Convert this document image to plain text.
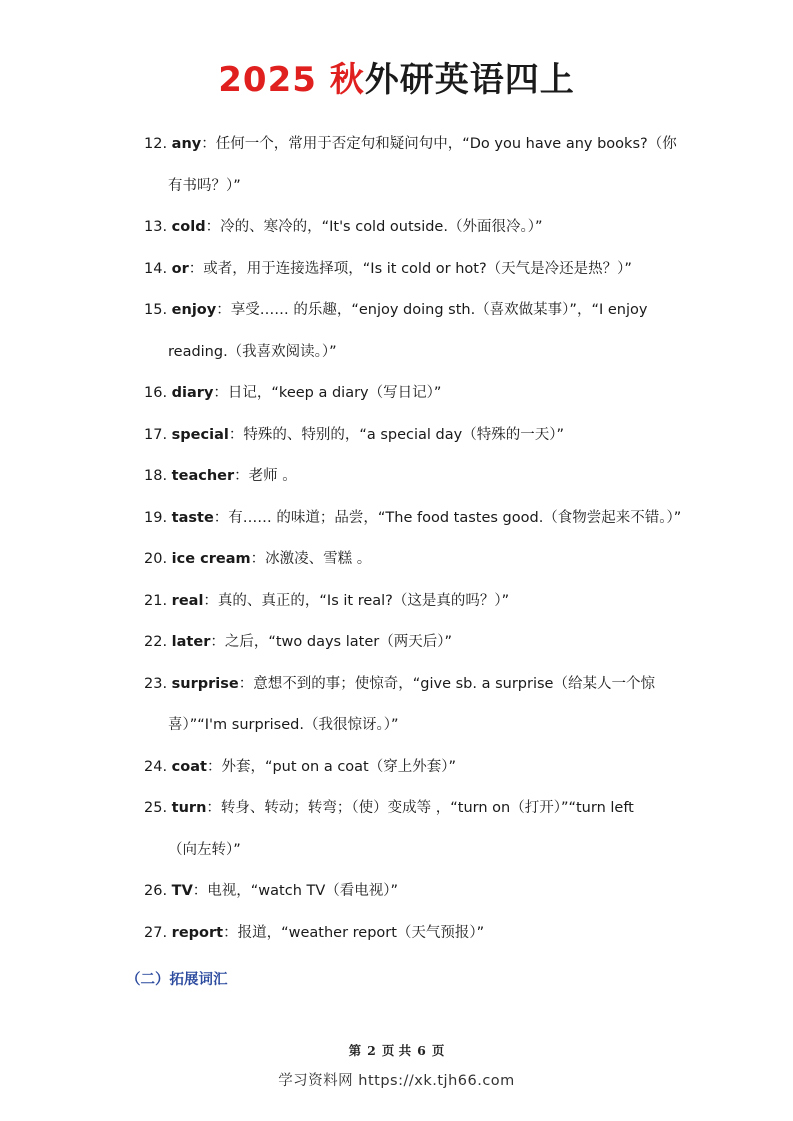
2025 秋外研英语四上
12. any：任何一个，常用于否定句和疑问句中，“Do you have any books?（你
有书吗？）”
13. cold：冷的、寒冷的，“It's cold outside.（外面很冷。）”
14. or：或者，用于连接选择项，“Is it cold or hot?（天气是冷还是热？）”
15. enjoy：享受…… 的乐趣，“enjoy doing sth.（喜欢做某事）”，“I enjoy
reading.（我喜欢阅读。）”
16. diary：日记，“keep a diary（写日记）”
17. special：特殊的、特别的，“a special day（特殊的一天）”
18. teacher：老师 。
19. taste：有…… 的味道；品尝，“The food tastes good.（食物尝起来不错。）”
20. ice cream：冰激凌、雪糕 。
21. real：真的、真正的，“Is it real?（这是真的吗？）”
22. later：之后，“two days later（两天后）”
23. surprise：意想不到的事；使惊奇，“give sb. a surprise（给某人一个惊
喜）”“I'm surprised.（我很惊讶。）”
24. coat：外套，“put on a coat（穿上外套）”
25. turn：转身、转动；转弯；（使）变成等 ，“turn on（打开）”“turn left
（向左转）”
26. TV：电视，“watch TV（看电视）”
27. report：报道，“weather report（天气预报）”
（二）拓展词汇
第 2 页 共 6 页
学习资料网 https://xk.tjh66.com
